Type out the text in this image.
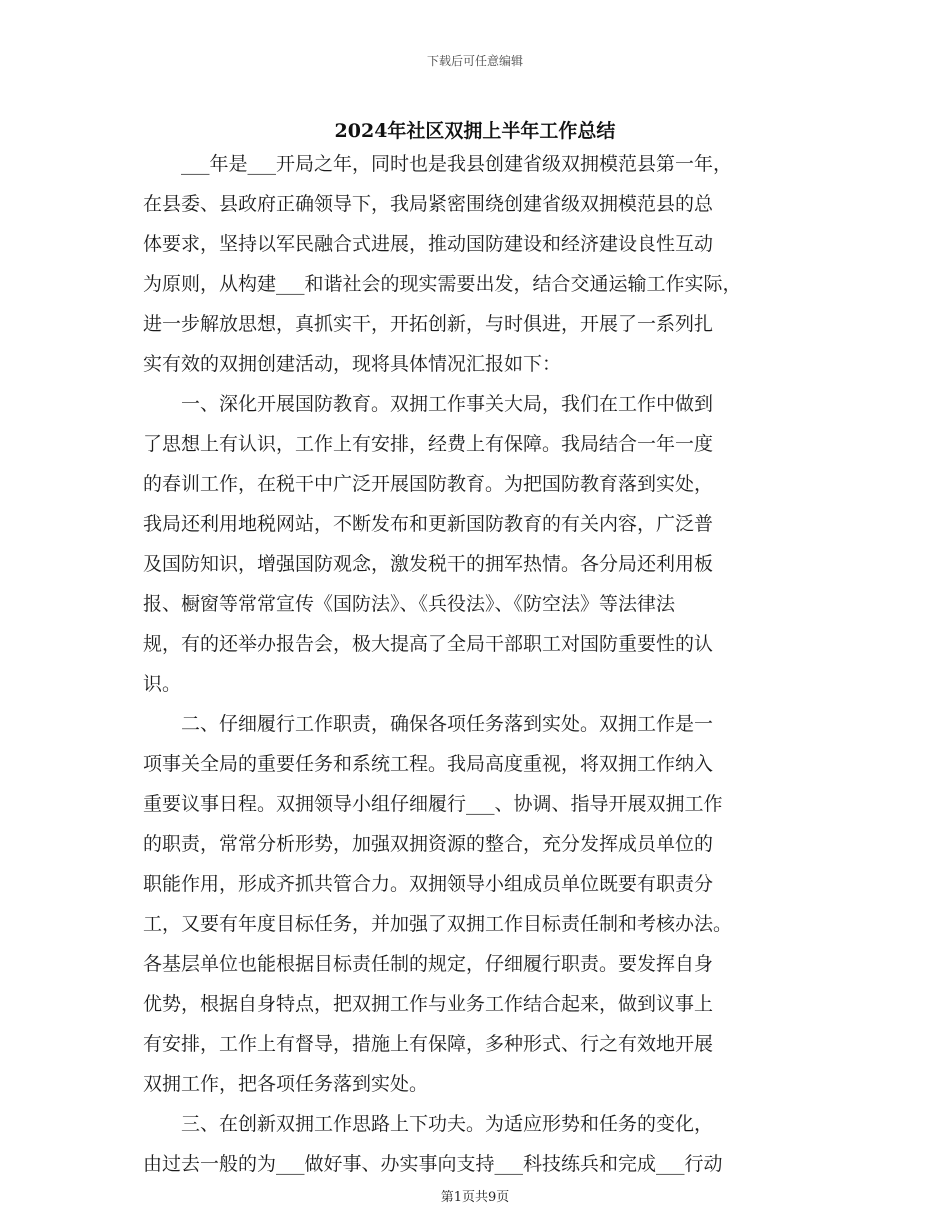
下载后可任意编辑
2024年社区双拥上半年工作总结
　　___年是___开局之年，同时也是我县创建省级双拥模范县第一年，
在县委、县政府正确领导下，我局紧密围绕创建省级双拥模范县的总
体要求，坚持以军民融合式进展，推动国防建设和经济建设良性互动
为原则，从构建___和谐社会的现实需要出发，结合交通运输工作实际，
进一步解放思想，真抓实干，开拓创新，与时俱进，开展了一系列扎
实有效的双拥创建活动，现将具体情况汇报如下：
　　一、深化开展国防教育。双拥工作事关大局，我们在工作中做到
了思想上有认识，工作上有安排，经费上有保障。我局结合一年一度
的春训工作，在税干中广泛开展国防教育。为把国防教育落到实处，
我局还利用地税网站，不断发布和更新国防教育的有关内容，广泛普
及国防知识，增强国防观念，激发税干的拥军热情。各分局还利用板
报、橱窗等常常宣传《国防法》、《兵役法》、《防空法》等法律法
规，有的还举办报告会，极大提高了全局干部职工对国防重要性的认
识。
　　二、仔细履行工作职责，确保各项任务落到实处。双拥工作是一
项事关全局的重要任务和系统工程。我局高度重视，将双拥工作纳入
重要议事日程。双拥领导小组仔细履行___、协调、指导开展双拥工作
的职责，常常分析形势，加强双拥资源的整合，充分发挥成员单位的
职能作用，形成齐抓共管合力。双拥领导小组成员单位既要有职责分
工，又要有年度目标任务，并加强了双拥工作目标责任制和考核办法。
各基层单位也能根据目标责任制的规定，仔细履行职责。要发挥自身
优势，根据自身特点，把双拥工作与业务工作结合起来，做到议事上
有安排，工作上有督导，措施上有保障，多种形式、行之有效地开展
双拥工作，把各项任务落到实处。
　　三、在创新双拥工作思路上下功夫。为适应形势和任务的变化，
由过去一般的为___做好事、办实事向支持___科技练兵和完成___行动
第1页共9页
